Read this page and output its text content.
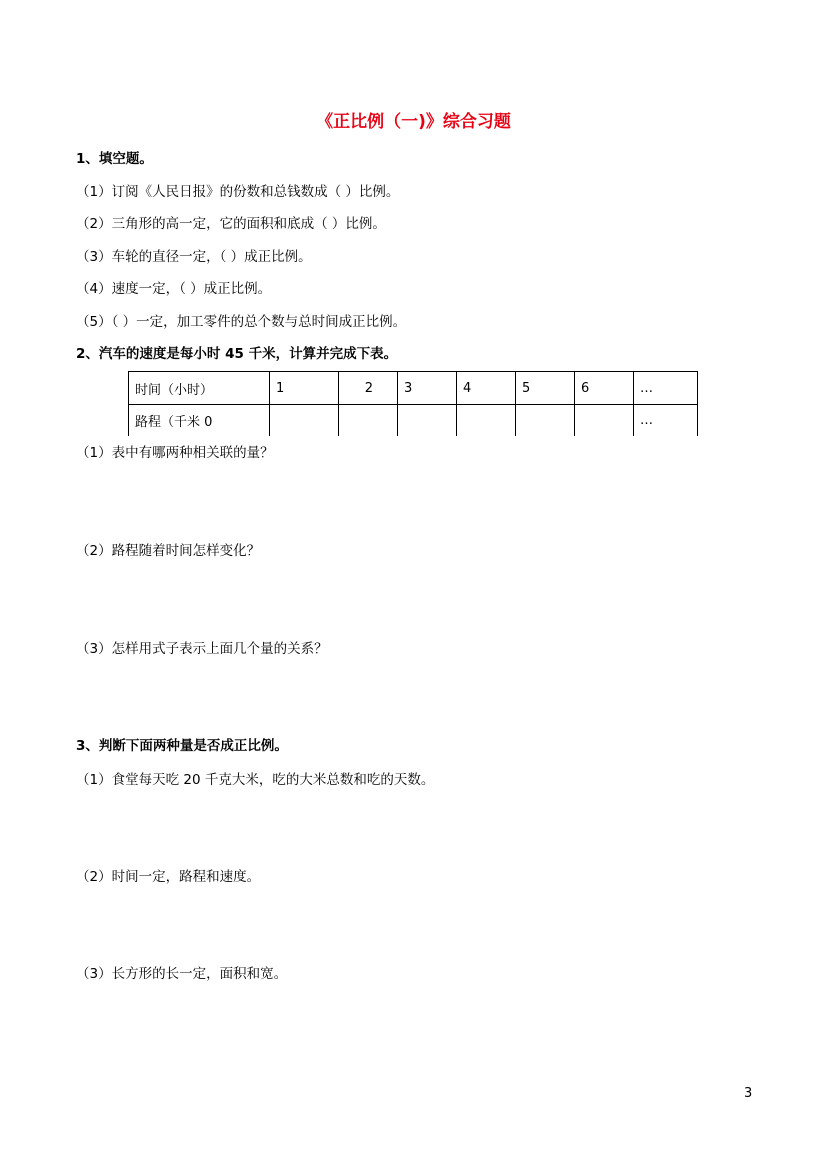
《正比例（一)》综合习题
1、填空题。
（1）订阅《人民日报》的份数和总钱数成（ ）比例。
（2）三角形的高一定，它的面积和底成（ ）比例。
（3）车轮的直径一定，（ ）成正比例。
（4）速度一定，（ ）成正比例。
（5）（ ）一定，加工零件的总个数与总时间成正比例。
2、汽车的速度是每小时 45 千米，计算并完成下表。
时间（小时）	1	2	3	4	5	6	…
路程（千米 0							…
（1）表中有哪两种相关联的量？
（2）路程随着时间怎样变化？
（3）怎样用式子表示上面几个量的关系？
3、判断下面两种量是否成正比例。
（1）食堂每天吃 20 千克大米，吃的大米总数和吃的天数。
（2）时间一定，路程和速度。
（3）长方形的长一定，面积和宽。
3
